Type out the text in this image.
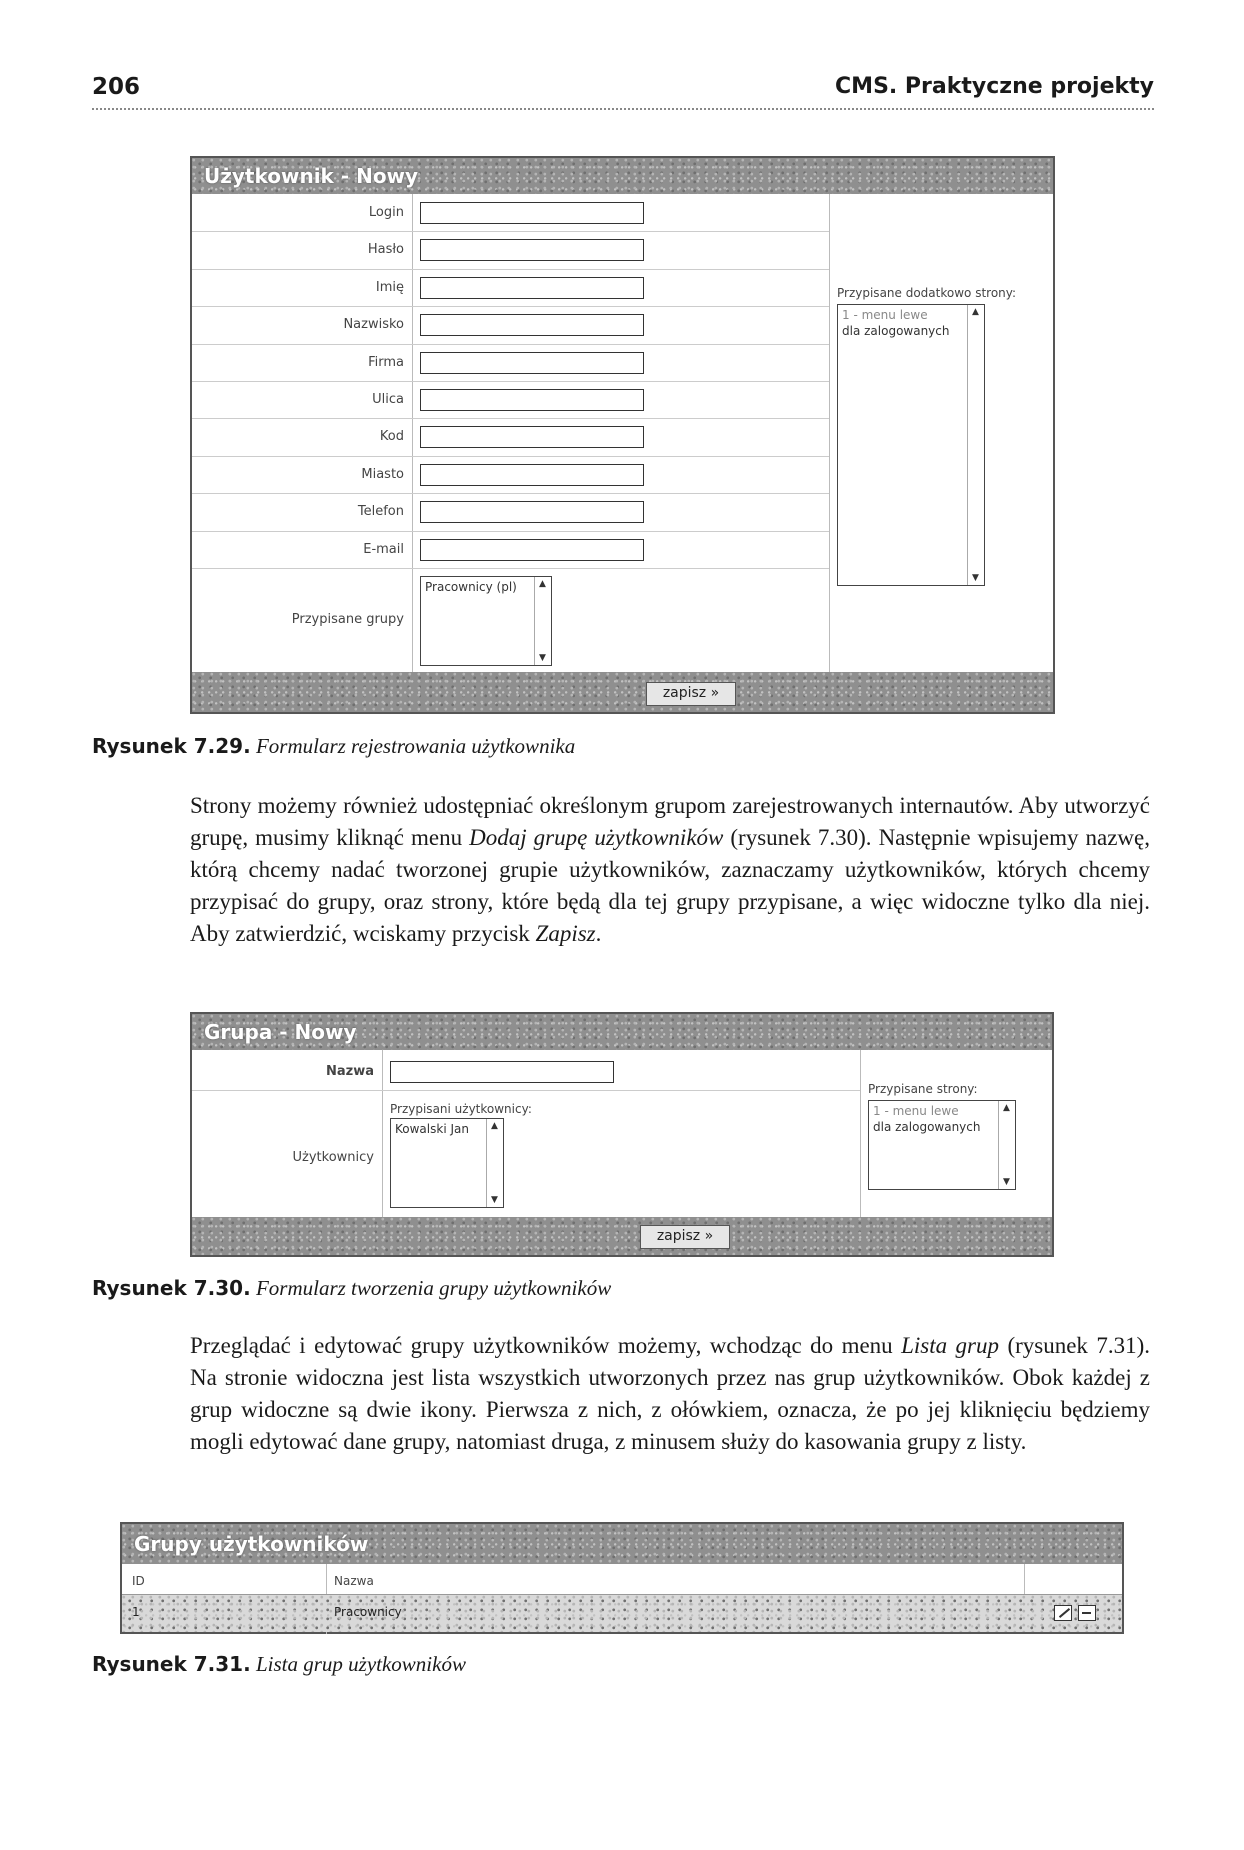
206	CMS. Praktyczne projekty
Użytkownik - Nowy
Login
Hasło
Imię
Nazwisko
Firma
Ulica
Kod
Miasto
Telefon
E-mail
Przypisane grupy
Pracownicy (pl) ▲
▼
Przypisane dodatkowo strony:
1 - menu lewe
dla zalogowanych
▲
▼
zapisz »
Rysunek 7.29. Formularz rejestrowania użytkownika
Strony możemy również udostępniać określonym grupom zarejestrowanych internautów. Aby utworzyć grupę, musimy kliknąć menu Dodaj grupę użytkowników (rysunek 7.30). Następnie wpisujemy nazwę, którą chcemy nadać tworzonej grupie użytkowników, zaznaczamy użytkowników, których chcemy przypisać do grupy, oraz strony, które będą dla tej grupy przypisane, a więc widoczne tylko dla niej. Aby zatwierdzić, wciskamy przycisk Zapisz.
Grupa - Nowy
Nazwa
Użytkownicy
Przypisani użytkownicy:
Kowalski Jan ▲
▼
Przypisane strony:
1 - menu lewe
dla zalogowanych
▲
▼
zapisz »
Rysunek 7.30. Formularz tworzenia grupy użytkowników
Przeglądać i edytować grupy użytkowników możemy, wchodząc do menu Lista grup (rysunek 7.31). Na stronie widoczna jest lista wszystkich utworzonych przez nas grup użytkowników. Obok każdej z grup widoczne są dwie ikony. Pierwsza z nich, z ołówkiem, oznacza, że po jej kliknięciu będziemy mogli edytować dane grupy, natomiast druga, z minusem służy do kasowania grupy z listy.
Grupy użytkowników
ID	Nazwa
1	Pracownicy
Rysunek 7.31. Lista grup użytkowników
